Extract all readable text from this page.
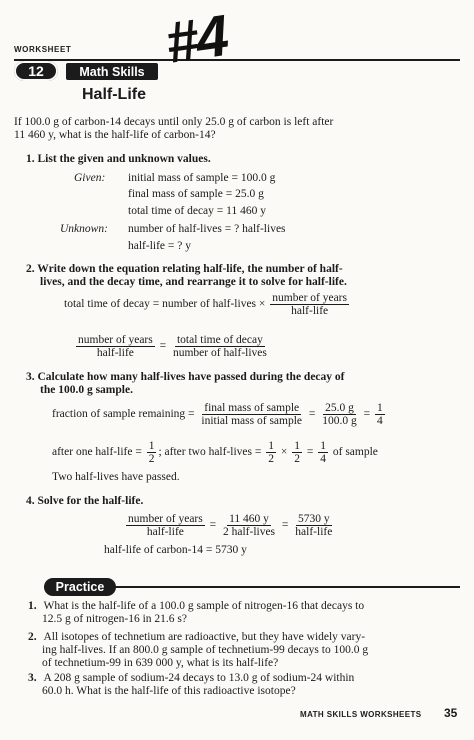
WORKSHEET
12	Math Skills #4
Half-Life
If 100.0 g of carbon-14 decays until only 25.0 g of carbon is left after
11 460 y, what is the half-life of carbon-14?
1. List the given and unknown values.
Given: initial mass of sample = 100.0 g
final mass of sample = 25.0 g
total time of decay = 11 460 y
Unknown: number of half-lives = ? half-lives
half-life = ? y
2. Write down the equation relating half-life, the number of half-
lives, and the decay time, and rearrange it to solve for half-life.
total time of decay = number of half-lives × $\frac{\text{number of years}}{\text{half-life}}$
$\frac{\text{number of years}}{\text{half-life}} = \frac{\text{total time of decay}}{\text{number of half-lives}}$
3. Calculate how many half-lives have passed during the decay of
the 100.0 g sample.
fraction of sample remaining = $\frac{\text{final mass of sample}}{\text{initial mass of sample}} = \frac{25.0 g}{100.0 g} = \frac{1}{4}$
after one half-life = $\frac{1}{2}$ ; after two half-lives = $\frac{1}{2} \times \frac{1}{2} = \frac{1}{4}$ of sample
Two half-lives have passed.
4. Solve for the half-life.
$\frac{\text{number of years}}{\text{half-life}} = \frac{11 460 y}{\text{2 half-lives}} = \frac{5730 y}{\text{half-life}}$
half-life of carbon-14 = 5730 y
Practice
1. What is the half-life of a 100.0 g sample of nitrogen-16 that decays to
12.5 g of nitrogen-16 in 21.6 s?
2. All isotopes of technetium are radioactive, but they have widely vary-
ing half-lives. If an 800.0 g sample of technetium-99 decays to 100.0 g
of technetium-99 in 639 000 y, what is its half-life?
3. A 208 g sample of sodium-24 decays to 13.0 g of sodium-24 within
60.0 h. What is the half-life of this radioactive isotope?
MATH SKILLS WORKSHEETS 35
